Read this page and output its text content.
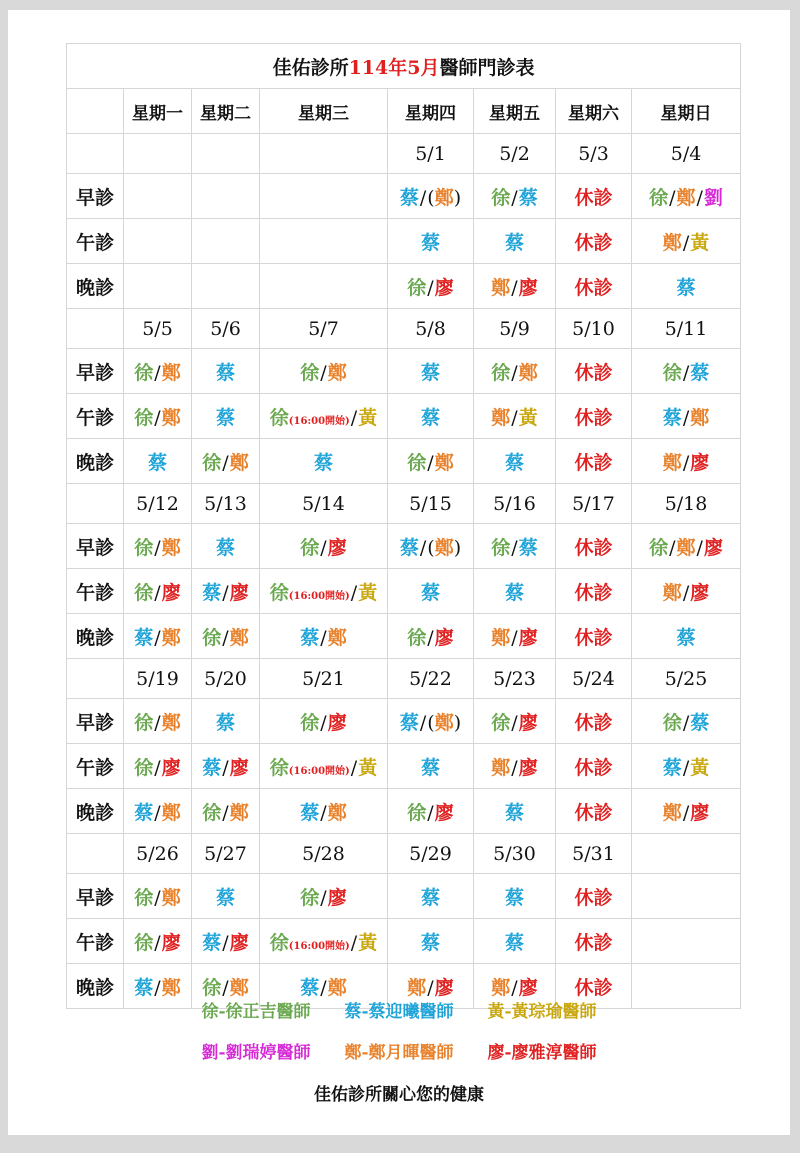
佳佑診所114年5月醫師門診表							
	星期一	星期二	星期三	星期四	星期五	星期六	星期日
				5/1	5/2	5/3	5/4
早診				蔡/(鄭)	徐/蔡	休診	徐/鄭/劉
午診				蔡	蔡	休診	鄭/黃
晚診				徐/廖	鄭/廖	休診	蔡
	5/5	5/6	5/7	5/8	5/9	5/10	5/11
早診	徐/鄭	蔡	徐/鄭	蔡	徐/鄭	休診	徐/蔡
午診	徐/鄭	蔡	徐(16:00開始)/黃	蔡	鄭/黃	休診	蔡/鄭
晚診	蔡	徐/鄭	蔡	徐/鄭	蔡	休診	鄭/廖
	5/12	5/13	5/14	5/15	5/16	5/17	5/18
早診	徐/鄭	蔡	徐/廖	蔡/(鄭)	徐/蔡	休診	徐/鄭/廖
午診	徐/廖	蔡/廖	徐(16:00開始)/黃	蔡	蔡	休診	鄭/廖
晚診	蔡/鄭	徐/鄭	蔡/鄭	徐/廖	鄭/廖	休診	蔡
	5/19	5/20	5/21	5/22	5/23	5/24	5/25
早診	徐/鄭	蔡	徐/廖	蔡/(鄭)	徐/廖	休診	徐/蔡
午診	徐/廖	蔡/廖	徐(16:00開始)/黃	蔡	鄭/廖	休診	蔡/黃
晚診	蔡/鄭	徐/鄭	蔡/鄭	徐/廖	蔡	休診	鄭/廖
	5/26	5/27	5/28	5/29	5/30	5/31	
早診	徐/鄭	蔡	徐/廖	蔡	蔡	休診	
午診	徐/廖	蔡/廖	徐(16:00開始)/黃	蔡	蔡	休診	
晚診	蔡/鄭	徐/鄭	蔡/鄭	鄭/廖	鄭/廖	休診	
徐-徐正吉醫師 蔡-蔡迎曦醫師 黃-黃琮瑜醫師
劉-劉瑞婷醫師 鄭-鄭月暉醫師 廖-廖雅淳醫師
佳佑診所關心您的健康
